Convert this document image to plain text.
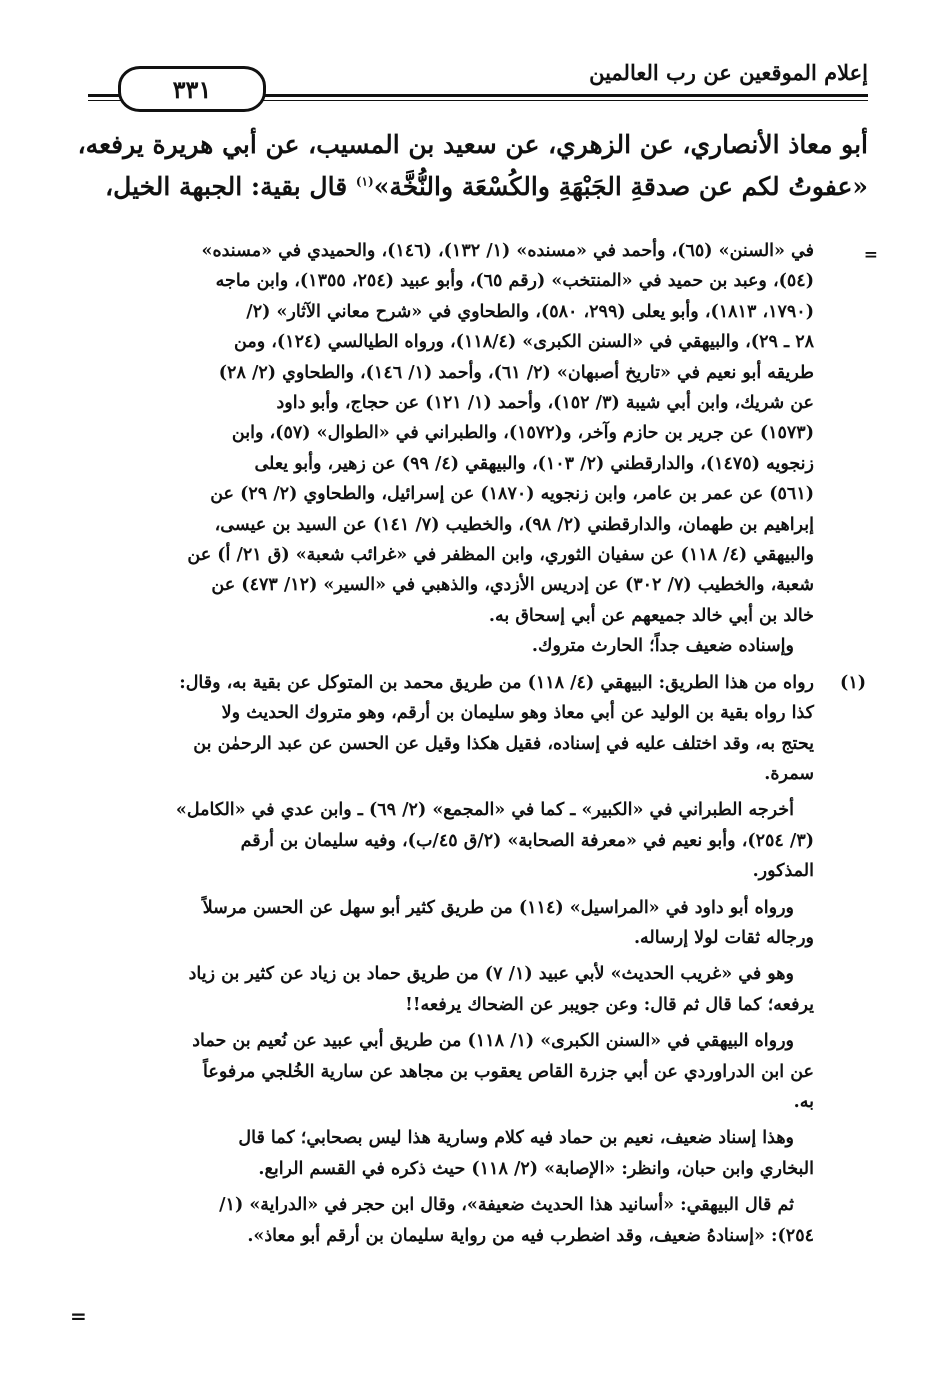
إعلام الموقعين عن رب العالمين
٣٣١

أبو معاذ الأنصاري، عن الزهري، عن سعيد بن المسيب، عن أبي هريرة يرفعه،

«عفوتُ لكم عن صدقةِ الجَبْهَةِ والكُسْعَة والنُّخَّة»$^{(١)}$ قال بقية: الجبهة الخيل،

=

في «السنن» (٦٥)، وأحمد في «مسنده» (١/ ١٣٢)، (١٤٦)، والحميدي في «مسنده»

(٥٤)، وعبد بن حميد في «المنتخب» (رقم ٦٥)، وأبو عبيد (٢٥٤، ١٣٥٥)، وابن ماجه

(١٧٩٠، ١٨١٣)، وأبو يعلى (٢٩٩، ٥٨٠)، والطحاوي في «شرح معاني الآثار» (٢/

٢٨ ـ ٢٩)، والبيهقي في «السنن الكبرى» (١١٨/٤)، ورواه الطيالسي (١٢٤)، ومن

طريقه أبو نعيم في «تاريخ أصبهان» (٢/ ٦١)، وأحمد (١/ ١٤٦)، والطحاوي (٢/ ٢٨)

عن شريك، وابن أبي شيبة (٣/ ١٥٢)، وأحمد (١/ ١٢١) عن حجاج، وأبو داود

(١٥٧٣) عن جرير بن حازم وآخر، و(١٥٧٢)، والطبراني في «الطوال» (٥٧)، وابن

زنجويه (١٤٧٥)، والدارقطني (٢/ ١٠٣)، والبيهقي (٤/ ٩٩) عن زهير، وأبو يعلى

(٥٦١) عن عمر بن عامر، وابن زنجويه (١٨٧٠) عن إسرائيل، والطحاوي (٢/ ٢٩) عن

إبراهيم بن طهمان، والدارقطني (٢/ ٩٨)، والخطيب (٧/ ١٤١) عن السيد بن عيسى،

والبيهقي (٤/ ١١٨) عن سفيان الثوري، وابن المظفر في «غرائب شعبة» (ق ٢١/ أ) عن

شعبة، والخطيب (٧/ ٣٠٢) عن إدريس الأزدي، والذهبي في «السير» (١٢/ ٤٧٣) عن

خالد بن أبي خالد جميعهم عن أبي إسحاق به.

وإسناده ضعيف جداً؛ الحارث متروك.

(١)

رواه من هذا الطريق: البيهقي (٤/ ١١٨) من طريق محمد بن المتوكل عن بقية به، وقال:

كذا رواه بقية بن الوليد عن أبي معاذ وهو سليمان بن أرقم، وهو متروك الحديث ولا

يحتج به، وقد اختلف عليه في إسناده، فقيل هكذا وقيل عن الحسن عن عبد الرحمٰن بن

سمرة.

أخرجه الطبراني في «الكبير» ـ كما في «المجمع» (٢/ ٦٩) ـ وابن عدي في «الكامل»

(٣/ ٢٥٤)، وأبو نعيم في «معرفة الصحابة» (٢/ق ٤٥/ب)، وفيه سليمان بن أرقم

المذكور.

ورواه أبو داود في «المراسيل» (١١٤) من طريق كثير أبو سهل عن الحسن مرسلاً

ورجاله ثقات لولا إرساله.

وهو في «غريب الحديث» لأبي عبيد (١/ ٧) من طريق حماد بن زياد عن كثير بن زياد

يرفعه؛ كما قال ثم قال: وعن جويبر عن الضحاك يرفعه!!

ورواه البيهقي في «السنن الكبرى» (١/ ١١٨) من طريق أبي عبيد عن نُعيم بن حماد

عن ابن الدراوردي عن أبي جزرة القاص يعقوب بن مجاهد عن سارية الخُلجي مرفوعاً

به.

وهذا إسناد ضعيف، نعيم بن حماد فيه كلام وسارية هذا ليس بصحابي؛ كما قال

البخاري وابن حبان، وانظر: «الإصابة» (٢/ ١١٨) حيث ذكره في القسم الرابع.

ثم قال البيهقي: «أسانيد هذا الحديث ضعيفة»، وقال ابن حجر في «الدراية» (١/

٢٥٤): «إسنادهُ ضعيف، وقد اضطرب فيه من رواية سليمان بن أرقم أبو معاذ».

=
